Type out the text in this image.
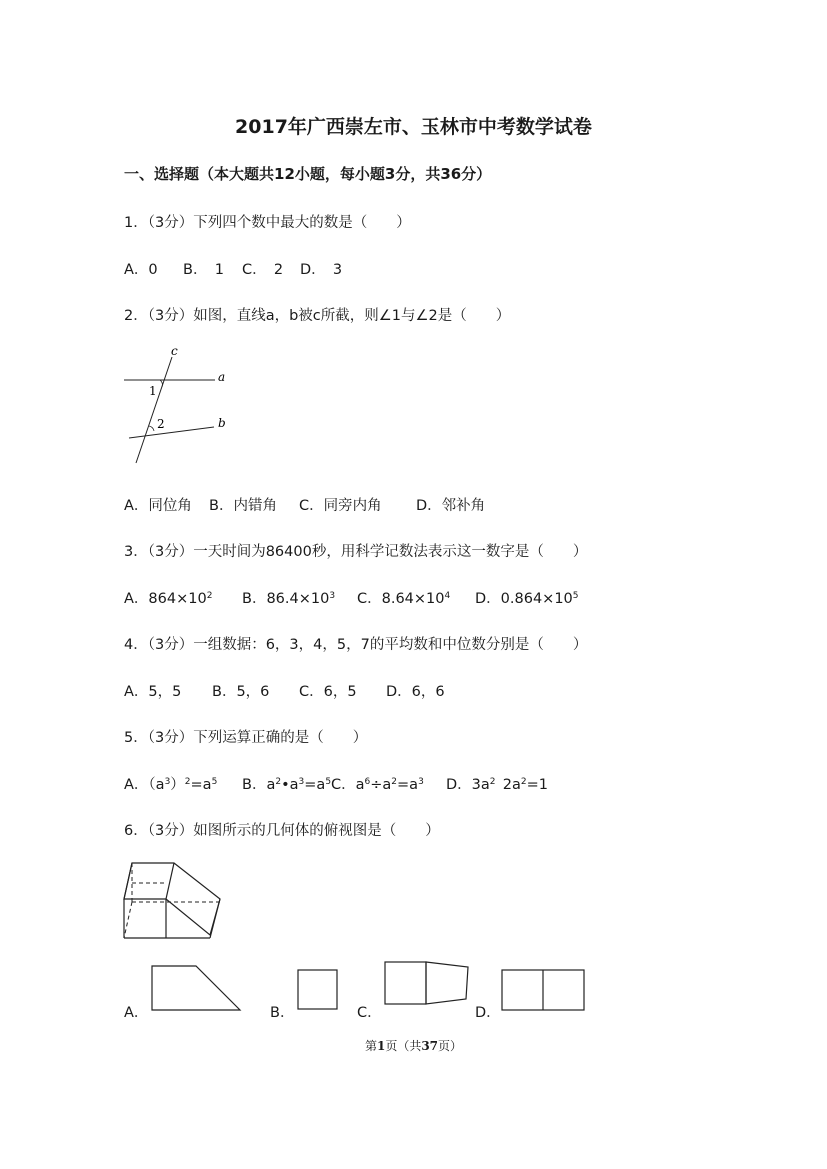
2017年广西崇左市、玉林市中考数学试卷
一、选择题（本大题共12小题，每小题3分，共36分）
1．（3分）下列四个数中最大的数是（　　）
A．0 B． 1 C． 2 D． 3
2．（3分）如图，直线a，b被c所截，则∠1与∠2是（　　）
c
a
b
1
2
A．同位角 B．内错角 C．同旁内角 D．邻补角
3．（3分）一天时间为86400秒，用科学记数法表示这一数字是（　　）
A．$864\times 10^2$ B．$86.4\times 10^3$ C．$8.64\times 10^4$ D．$0.864\times 10^5$
4．（3分）一组数据：6，3，4，5，7的平均数和中位数分别是（　　）
A．5，5 B．5，6 C．6，5 D．6，6
5．（3分）下列运算正确的是（　　）
A．$(a^3)^2=a^5$ B．$a^2•a^3=a^5$ C．$a^6\div a^2=a^3$ D．$3a^2$ $2a^2=1$
6．（3分）如图所示的几何体的俯视图是（　　）
A．	B．	C．	D．
第1页（共37页）
